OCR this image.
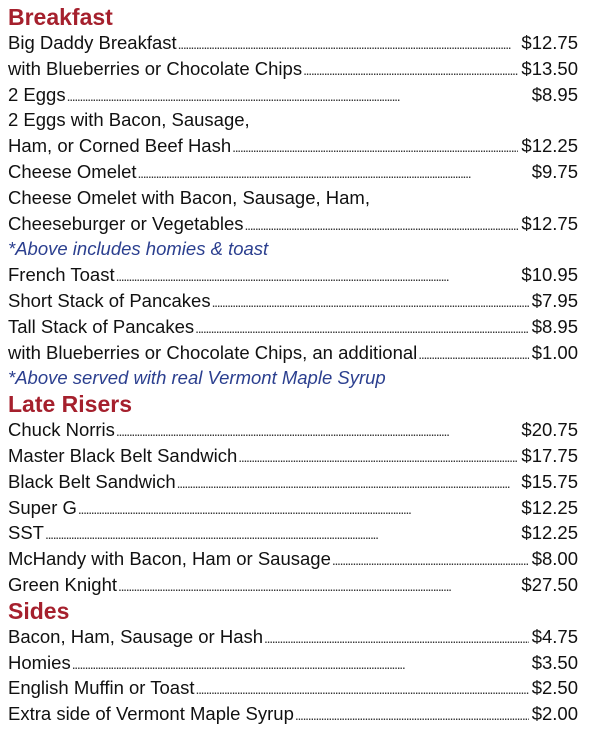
Breakfast
Big Daddy Breakfast . . .	$12.75
with Blueberries or Chocolate Chips . . .	$13.50
2 Eggs . . .	$8.95
2 Eggs with Bacon, Sausage,
Ham, or Corned Beef Hash . . .	$12.25
Cheese Omelet . . .	$9.75
Cheese Omelet with Bacon, Sausage, Ham,
Cheeseburger or Vegetables . . .	$12.75
*Above includes homies & toast
French Toast . . .	$10.95
Short Stack of Pancakes . . .	$7.95
Tall Stack of Pancakes . . .	$8.95
with Blueberries or Chocolate Chips, an additional . . .	$1.00
*Above served with real Vermont Maple Syrup
Late Risers
Chuck Norris . . .	$20.75
Master Black Belt Sandwich . . .	$17.75
Black Belt Sandwich . . .	$15.75
Super G . . .	$12.25
SST . . .	$12.25
McHandy with Bacon, Ham or Sausage . . .	$8.00
Green Knight . . .	$27.50
Sides
Bacon, Ham, Sausage or Hash . . .	$4.75
Homies . . .	$3.50
English Muffin or Toast . . .	$2.50
Extra side of Vermont Maple Syrup . . .	$2.00
